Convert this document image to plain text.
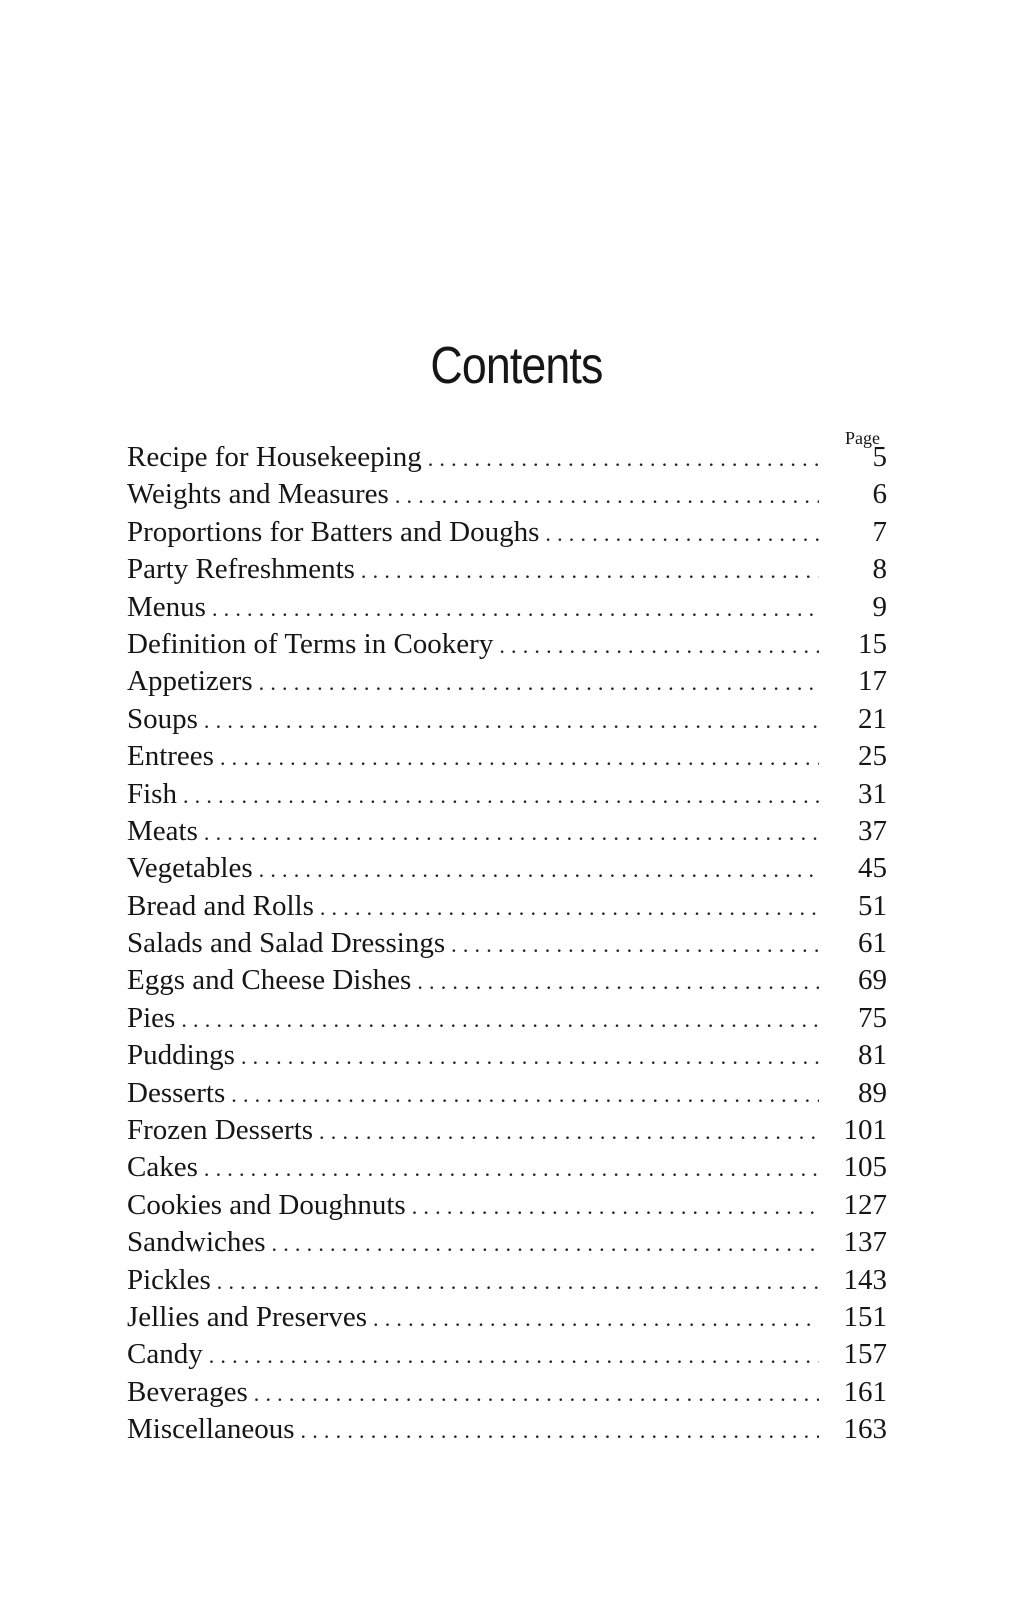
Contents
Page
Recipe for Housekeeping .....	5
Weights and Measures .....	6
Proportions for Batters and Doughs .....	7
Party Refreshments .....	8
Menus .....	9
Definition of Terms in Cookery .....	15
Appetizers .....	17
Soups .....	21
Entrees .....	25
Fish .....	31
Meats .....	37
Vegetables .....	45
Bread and Rolls .....	51
Salads and Salad Dressings .....	61
Eggs and Cheese Dishes .....	69
Pies .....	75
Puddings .....	81
Desserts .....	89
Frozen Desserts .....	101
Cakes .....	105
Cookies and Doughnuts .....	127
Sandwiches .....	137
Pickles .....	143
Jellies and Preserves .....	151
Candy .....	157
Beverages .....	161
Miscellaneous .....	163
